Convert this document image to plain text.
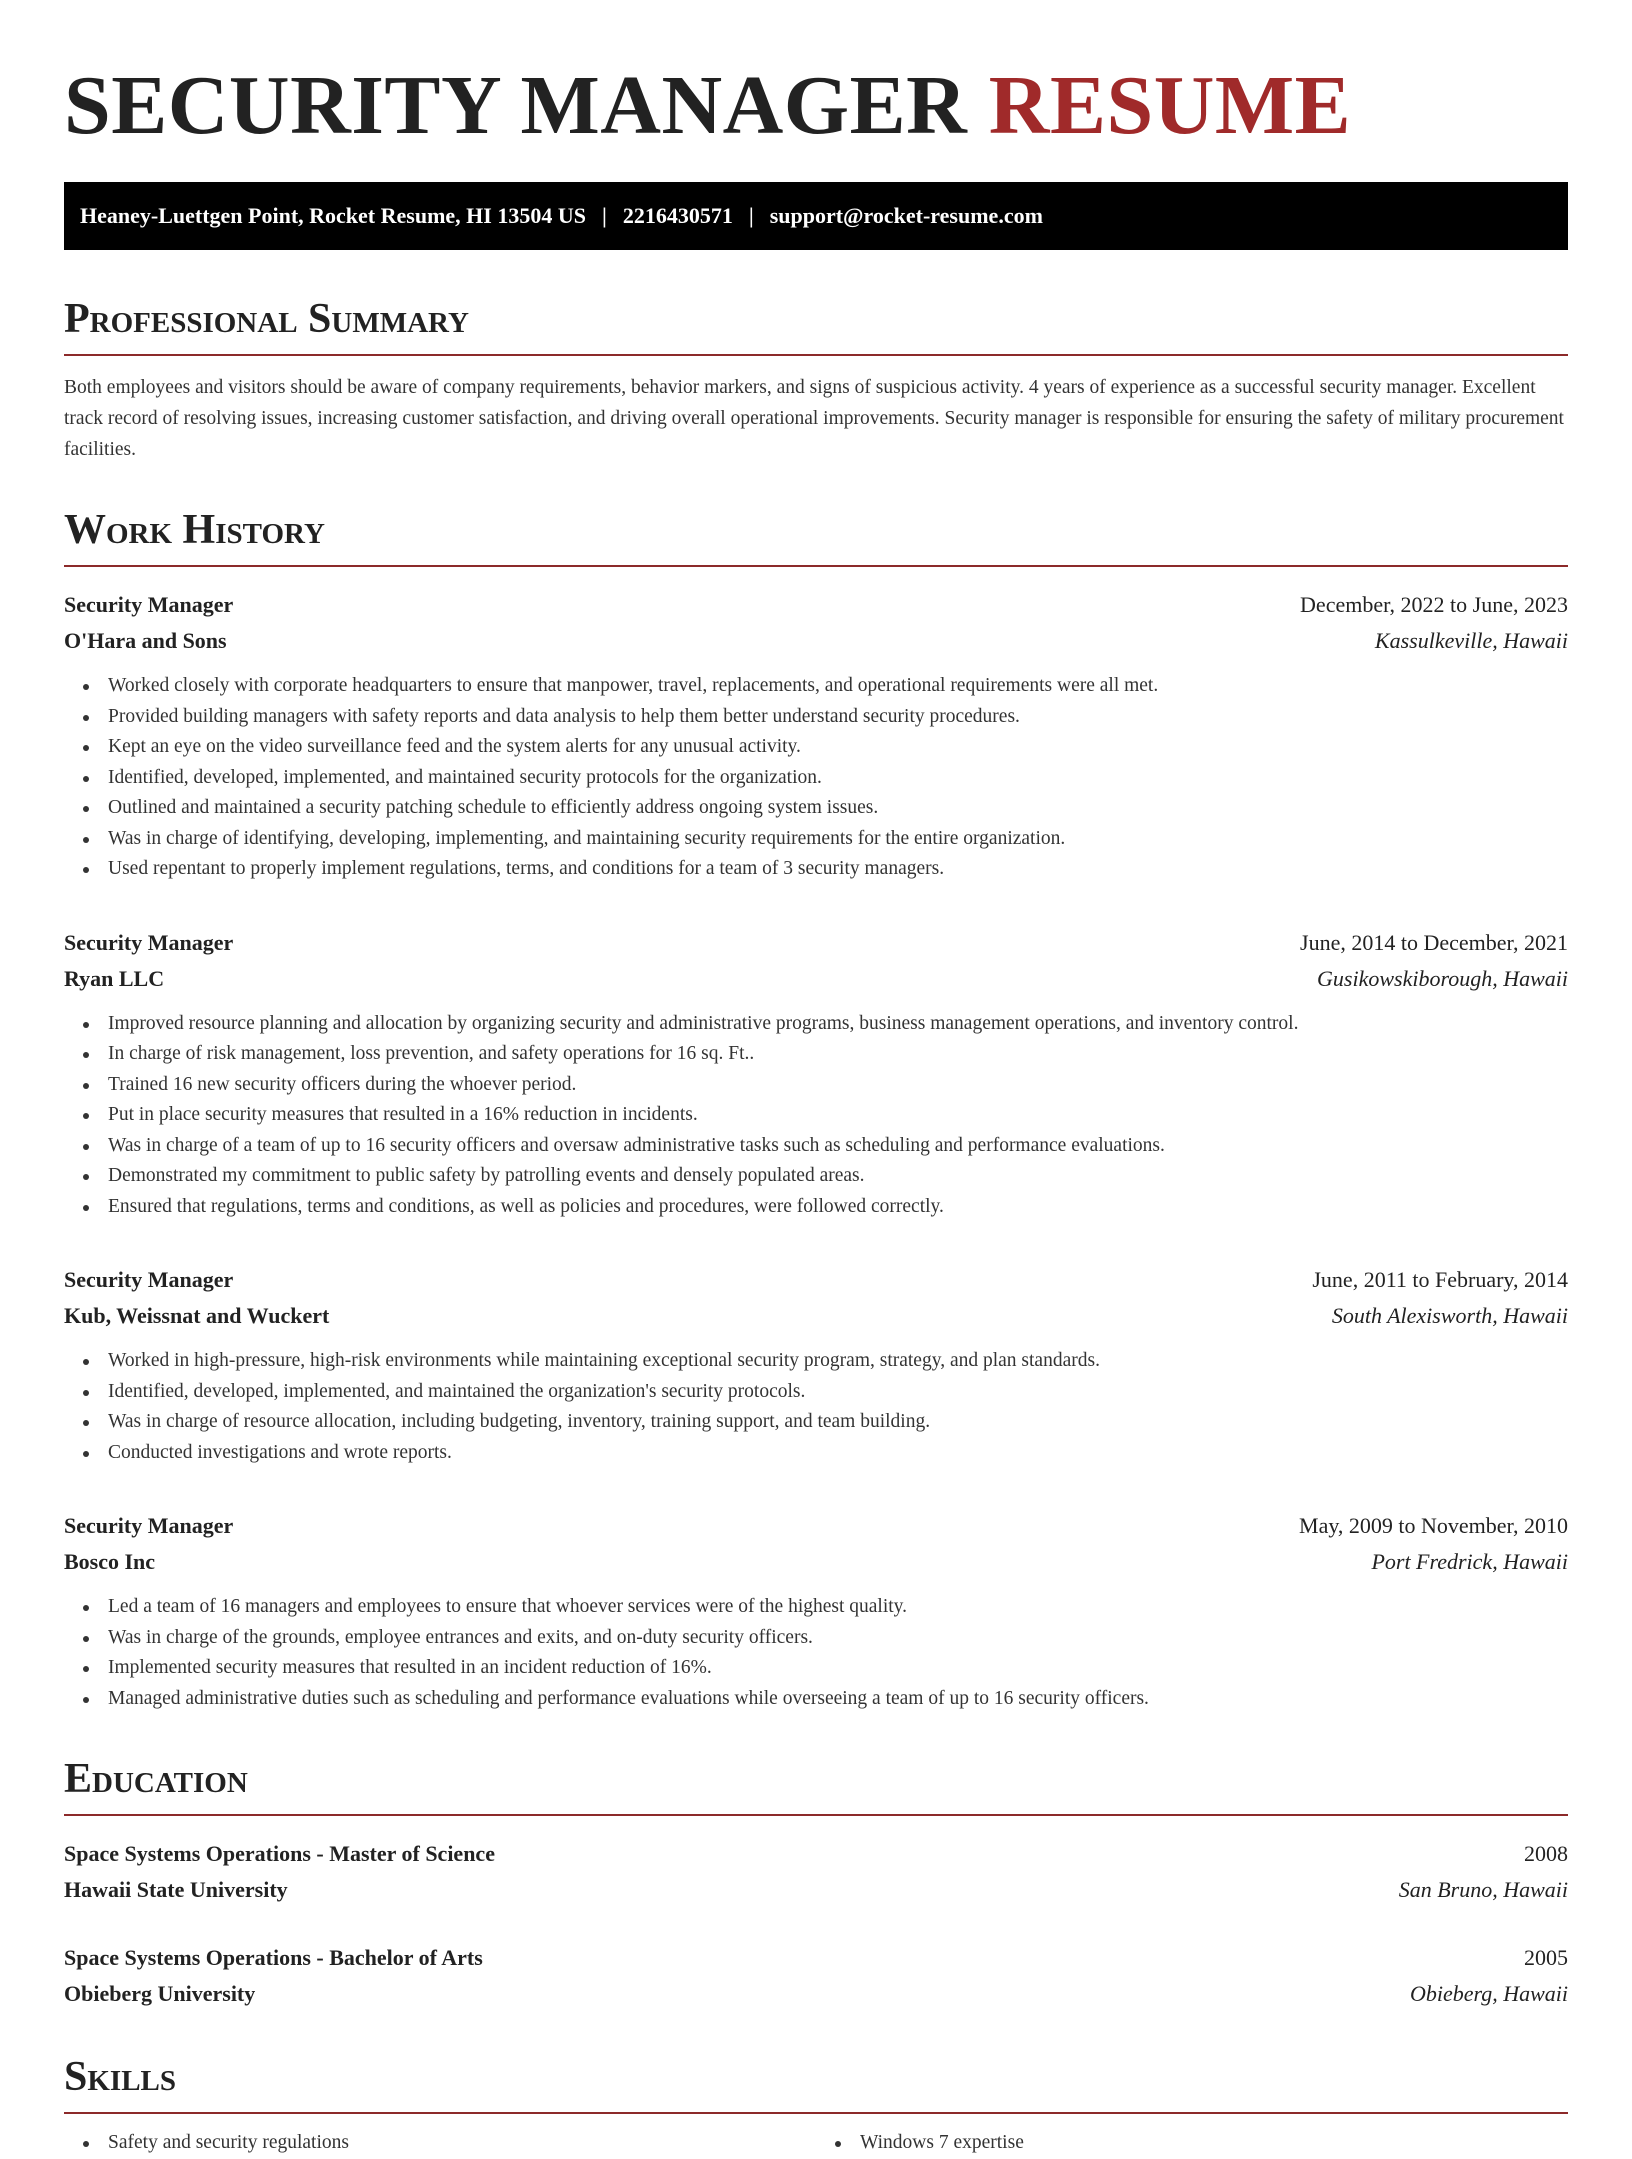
SECURITY MANAGER RESUME
Heaney-Luettgen Point, Rocket Resume, HI 13504 US | 2216430571 | support@rocket-resume.com
Professional Summary

Both employees and visitors should be aware of company requirements, behavior markers, and signs of suspicious activity. 4 years of experience as a successful security manager. Excellent track record of resolving issues, increasing customer satisfaction, and driving overall operational improvements. Security manager is responsible for ensuring the safety of military procurement facilities.

Work History
Security Manager	December, 2022 to June, 2023
O'Hara and Sons	Kassulkeville, Hawaii
Worked closely with corporate headquarters to ensure that manpower, travel, replacements, and operational requirements were all met.
Provided building managers with safety reports and data analysis to help them better understand security procedures.
Kept an eye on the video surveillance feed and the system alerts for any unusual activity.
Identified, developed, implemented, and maintained security protocols for the organization.
Outlined and maintained a security patching schedule to efficiently address ongoing system issues.
Was in charge of identifying, developing, implementing, and maintaining security requirements for the entire organization.
Used repentant to properly implement regulations, terms, and conditions for a team of 3 security managers.
Security Manager	June, 2014 to December, 2021
Ryan LLC	Gusikowskiborough, Hawaii
Improved resource planning and allocation by organizing security and administrative programs, business management operations, and inventory control.
In charge of risk management, loss prevention, and safety operations for 16 sq. Ft..
Trained 16 new security officers during the whoever period.
Put in place security measures that resulted in a 16% reduction in incidents.
Was in charge of a team of up to 16 security officers and oversaw administrative tasks such as scheduling and performance evaluations.
Demonstrated my commitment to public safety by patrolling events and densely populated areas.
Ensured that regulations, terms and conditions, as well as policies and procedures, were followed correctly.
Security Manager	June, 2011 to February, 2014
Kub, Weissnat and Wuckert	South Alexisworth, Hawaii
Worked in high-pressure, high-risk environments while maintaining exceptional security program, strategy, and plan standards.
Identified, developed, implemented, and maintained the organization's security protocols.
Was in charge of resource allocation, including budgeting, inventory, training support, and team building.
Conducted investigations and wrote reports.
Security Manager	May, 2009 to November, 2010
Bosco Inc	Port Fredrick, Hawaii
Led a team of 16 managers and employees to ensure that whoever services were of the highest quality.
Was in charge of the grounds, employee entrances and exits, and on-duty security officers.
Implemented security measures that resulted in an incident reduction of 16%.
Managed administrative duties such as scheduling and performance evaluations while overseeing a team of up to 16 security officers.
Education
Space Systems Operations - Master of Science	2008
Hawaii State University	San Bruno, Hawaii
Space Systems Operations - Bachelor of Arts	2005
Obieberg University	Obieberg, Hawaii
Skills
Safety and security regulations	Windows 7 expertise
